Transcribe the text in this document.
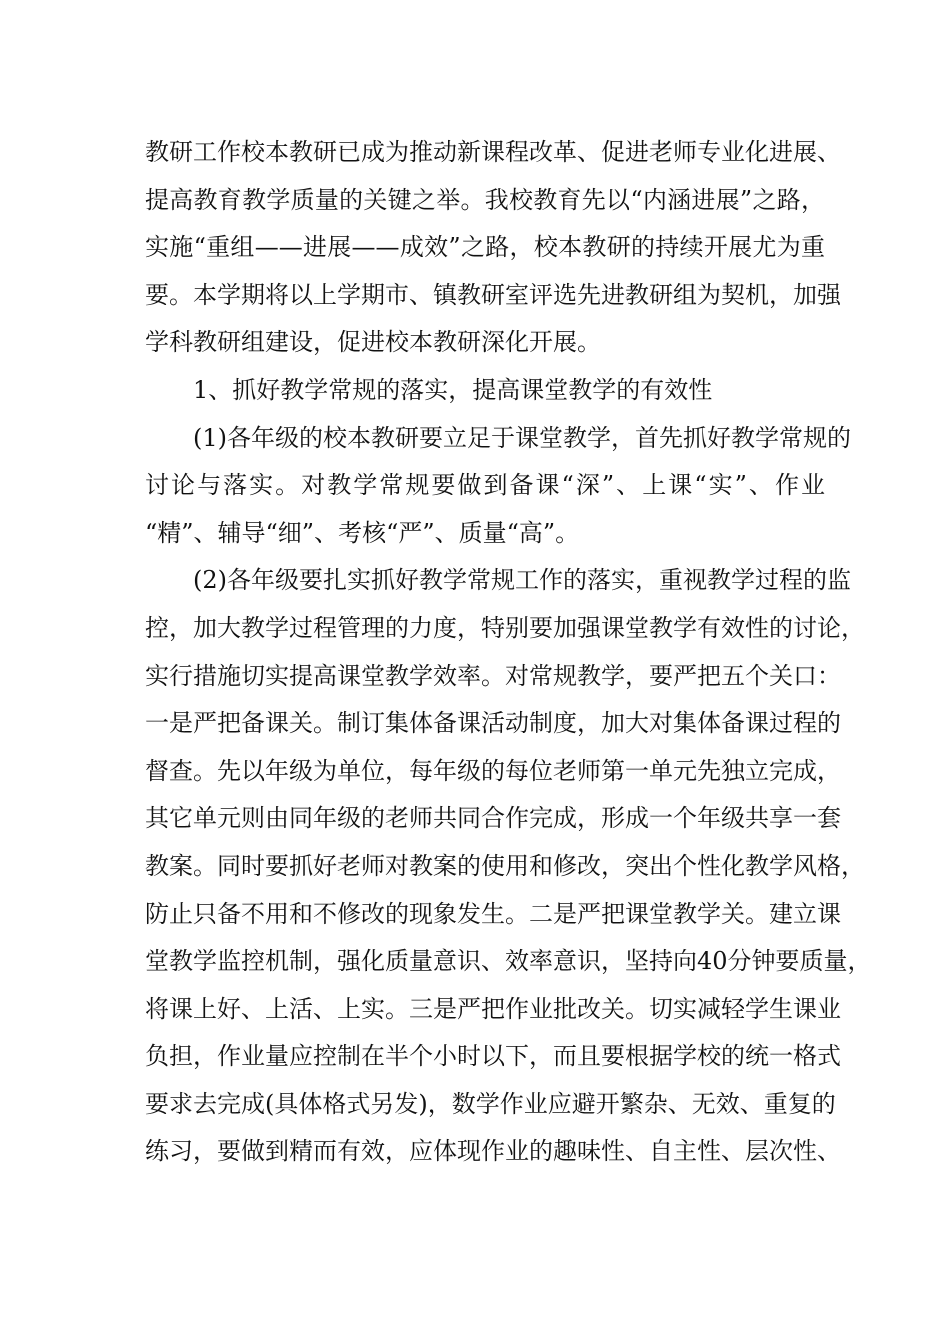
教研工作校本教研已成为推动新课程改革、促进老师专业化进展、
提高教育教学质量的关键之举。我校教育先以“内涵进展”之路，
实施“重组——进展——成效”之路，校本教研的持续开展尤为重
要。本学期将以上学期市、镇教研室评选先进教研组为契机，加强
学科教研组建设，促进校本教研深化开展。
1、抓好教学常规的落实，提高课堂教学的有效性
(1)各年级的校本教研要立足于课堂教学，首先抓好教学常规的
讨论与落实。对教学常规要做到备课“深”、上课“实”、作业
“精”、辅导“细”、考核“严”、质量“高”。
(2)各年级要扎实抓好教学常规工作的落实，重视教学过程的监
控，加大教学过程管理的力度，特别要加强课堂教学有效性的讨论，
实行措施切实提高课堂教学效率。对常规教学，要严把五个关口：
一是严把备课关。制订集体备课活动制度，加大对集体备课过程的
督查。先以年级为单位，每年级的每位老师第一单元先独立完成，
其它单元则由同年级的老师共同合作完成，形成一个年级共享一套
教案。同时要抓好老师对教案的使用和修改，突出个性化教学风格，
防止只备不用和不修改的现象发生。二是严把课堂教学关。建立课
堂教学监控机制，强化质量意识、效率意识，坚持向40分钟要质量，
将课上好、上活、上实。三是严把作业批改关。切实减轻学生课业
负担，作业量应控制在半个小时以下，而且要根据学校的统一格式
要求去完成(具体格式另发)，数学作业应避开繁杂、无效、重复的
练习，要做到精而有效，应体现作业的趣味性、自主性、层次性、
